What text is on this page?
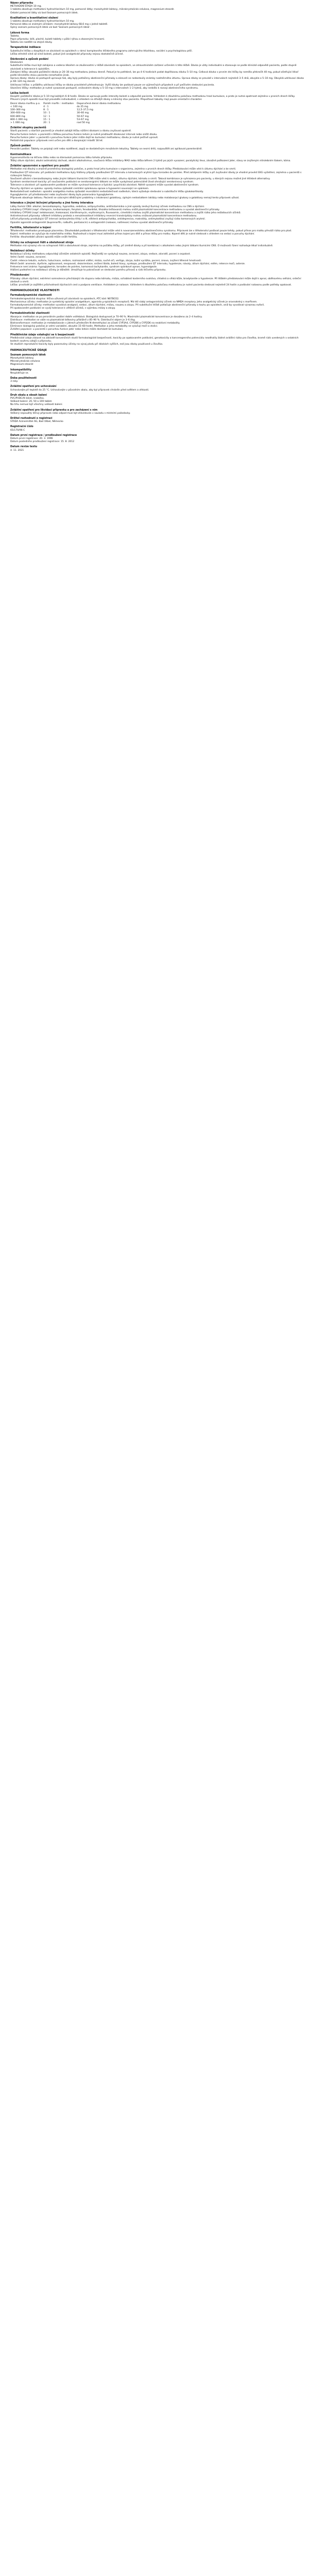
Název přípravku
METHADON ŠTADA 10 mg.
1 tableta obsahuje methadoni hydrochloridum 10 mg, pomocné látky: monohydrát laktosy, mikrokrystalická celulosa, magnesium-stearát.
Ostatní pomocné látky viz bod Seznam pomocných látek.
Kvalitativní a kvantitativní složení
1 tableta obsahuje methadoni hydrochloridum 10 mg.
Pomocná látka se známým účinkem: monohydrát laktosy 68,6 mg v jedné tabletě.
Úplný seznam pomocných látek viz bod 'Seznam pomocných látek'.
Léková forma
Tableta.
Popis přípravku: bílé, ploché, kulaté tablety s půlicí rýhou a zkosenými hranami.
Tabletu lze rozdělit na stejné dávky.
Terapeutické indikace
Substituční léčba u dospělých se závislostí na opioidech v rámci komplexního léčebného programu zahrnujícího lékařskou, sociální a psychologickou péči.
Léčba středně silné až silné bolesti, pokud jiné analgetické přípravky nejsou dostatečně účinné.
Dávkování a způsob podání
Dávkování
Substituční léčba musí být zahájena a vedena lékařem se zkušenostmi v léčbě závislosti na opioidech, ve zdravotnickém zařízení určeném k této léčbě. Dávka je vždy individuální a stanovuje se podle klinické odpovědi pacienta, podle stupně závislosti a tolerance k opioidům.
Zahájení léčby: obvyklá počáteční dávka je 20–30 mg methadonu jednou denně. Pokud je to potřebné, lze po 4–6 hodinách podat doplňkovou dávku 5–10 mg. Celková dávka v prvním dni léčby by neměla překročit 40 mg, pokud ošetřující lékař podle klinického stavu pacienta nerozhodne jinak.
Úprava dávky: dávka se postupně upravuje tak, aby byly potlačeny abstinenční příznaky a zároveň se nedostavily známky nadměrného útlumu. Úprava dávky se provádí v intervalech nejméně 3–5 dnů, obvykle o 5–10 mg. Obvyklá udržovací dávka je 60–120 mg denně.
Udržovací léčba: v průběhu udržovací léčby se dávka pravidelně přehodnocuje. Vyšší dávky lze podávat pouze ve výjimečných případech a při pečlivém sledování pacienta.
Ukončení léčby: methadon je nutné vysazovat postupně, snižováním dávky o 5–10 mg v intervalech 1–2 týdnů, aby nedošlo k rozvoji abstinenčního syndromu.
Léčba bolesti
Dospělí: počáteční dávka je 5–10 mg každých 6–8 hodin. Dávka se upravuje podle intenzity bolesti a odpovědi pacienta. Vzhledem k dlouhému poločasu methadonu hrozí kumulace, a proto je nutná opatrnost zejména v prvních dnech léčby.
Převod z jiných opioidů musí být prováděn individuálně, s ohledem na dřívější dávky a klinický stav pacienta. Přepočtové tabulky mají pouze orientační charakter.
Denní dávka morfinu p.o.	Poměr morfin : methadon	Doporučená denní dávka methadonu
< 100 mg	4 : 1	do 25 mg
100–300 mg	8 : 1	12,5–37,5 mg
300–600 mg	10 : 1	30–60 mg
600–800 mg	12 : 1	50–67 mg
800–1 000 mg	15 : 1	53–67 mg
> 1 000 mg	20 : 1	nad 50 mg
Zvláštní skupiny pacientů
Starší pacienti: u starších pacientů je vhodné zahájit léčbu nižšími dávkami a dávku zvyšovat opatrně.
Porucha funkce ledvin: u pacientů s těžkou poruchou funkce ledvin je nutné prodloužit dávkovací interval nebo snížit dávku.
Porucha funkce jater: u pacientů s poruchou funkce jater může dojít ke kumulaci methadonu; dávku je nutné pečlivě upravit.
Pediatrická populace: přípravek není určen pro děti a dospívající mladší 18 let.
Způsob podání
Perorální podání. Tablety se polykají celé nebo rozdělené, zapíjí se dostatečným množstvím tekutiny. Tablety se nesmí drtit, rozpouštět ani aplikovat parenterálně.
Kontraindikace
Hypersenzitivita na léčivou látku nebo na kteroukoli pomocnou látku tohoto přípravku.
Těžký útlum dýchání, akutní astmatický záchvat, akutní alkoholismus, současná léčba inhibitory MAO nebo léčba během 2 týdnů po jejich vysazení, paralytický ileus, závažné poškození jater, stavy se zvýšeným nitrolebním tlakem, kóma.
Zvláštní upozornění a opatření pro použití
Methadon má dlouhý a značně proměnlivý biologický poločas, a proto hrozí jeho kumulace v organismu, zejména v prvních dnech léčby. Předávkování může vést k útlumu dýchání a ke smrti.
Prodloužení QT intervalu: při podávání methadonu byly hlášeny případy prodloužení QT intervalu a komorových arytmií typu torsades de pointes. Před zahájením léčby a při zvyšování dávky je vhodné provést EKG vyšetření, zejména u pacientů s rizikovými faktory.
Současné užívání s benzodiazepiny nebo jinými látkami tlumícími CNS může vést k sedaci, útlumu dýchání, kómatu a smrti. Taková kombinace je vyhrazena pro pacienty, u kterých nejsou možné jiné léčebné alternativy.
Syndrom serotoninové toxicity: při současném podávání se serotonergními látkami se může vyskytnout potenciálně život ohrožující serotoninový syndrom.
Tolerance a závislost: při opakovaném podávání se může vyvinout tolerance a fyzická i psychická závislost. Náhlé vysazení může vyvolat abstinenční syndrom.
Poruchy dýchání ve spánku: opioidy mohou způsobit centrální spánkovou apnoe a hypoxemii související se spánkem.
Nedostatečnost nadledvin: opioidní analgetika mohou způsobit reverzibilní nedostatečnost nadledvin, která vyžaduje sledování a substituční léčbu glukokortikoidy.
Hypoglykemie: při předávkování nebo zvyšování dávky byla pozorována hypoglykemie.
Přípravek obsahuje laktosu. Pacienti se vzácnými dědičnými problémy s intolerancí galaktosy, úplným nedostatkem laktázy nebo malabsorpcí glukosy a galaktosy nemají tento přípravek užívat.
Interakce s jinými léčivými přípravky a jiné formy interakce
Látky tlumící CNS: alkohol, benzodiazepiny, hypnotika, sedativa, antipsychotika, antihistaminika a jiné opioidy zesilují tlumivý účinek methadonu na CNS a dýchání.
Induktory CYP3A4 (např. rifampicin, karbamazepin, fenytoin, fenobarbital, třezalka tečkovaná) mohou snížit plazmatické koncentrace methadonu a vyvolat abstinenční příznaky.
Inhibitory CYP3A4 (např. ketokonazol, itrakonazol, klarithromycin, erythromycin, fluvoxamin, cimetidin) mohou zvýšit plazmatické koncentrace methadonu a zvýšit riziko jeho nežádoucích účinků.
Antiretrovirové přípravky: některé inhibitory proteáz a nenukleosidové inhibitory reverzní transkriptázy mohou snižovat plazmatické koncentrace methadonu.
Léčivé přípravky prodlužující QT interval (antiarytmika třídy I a III, některá antipsychotika, antidepresiva, makrolidy, antimykotika) zvyšují riziko komorových arytmií.
Opioidní agonisté-antagonisté (buprenorfin, nalbufin, pentazocin) a antagonisté (naloxon, naltrexon) mohou vyvolat abstinenční příznaky.
Fertilita, těhotenství a kojení
Těhotenství: methadon prostupuje placentou. Dlouhodobé podávání v těhotenství může vést k novorozeneckému abstinenčnímu syndromu. Přípravek lze v těhotenství podávat pouze tehdy, pokud přínos pro matku převáží riziko pro plod.
Kojení: methadon se vylučuje do mateřského mléka. Rozhodnutí o kojení musí zohlednit přínos kojení pro dítě a přínos léčby pro matku. Kojené děti je nutné sledovat s ohledem na sedaci a poruchy dýchání.
Fertilita: dlouhodobé užívání opioidů může snížit fertilitu.
Účinky na schopnost řídit a obsluhovat stroje
Methadon má výrazný vliv na schopnost řídit a obsluhovat stroje, zejména na počátku léčby, při změně dávky a při kombinaci s alkoholem nebo jinými látkami tlumícími CNS. O možnosti řízení rozhoduje lékař individuálně.
Nežádoucí účinky
Nežádoucí účinky methadonu odpovídají účinkům ostatních opioidů. Nejčastěji se vyskytují nauzea, zvracení, zácpa, sedace, závratě, pocení a ospalost.
Velmi časté: nauzea, zvracení.
Časté: retence tekutin, euforie, halucinace, sedace, rozmazané vidění, mióza, suché oči, vertigo, zácpa, kožní vyrážka, pocení, únava, zvýšení tělesné hmotnosti.
Méně časté: anorexie, dysforie, agitovanost, nespavost, dezorientace, snížení libida, bolest hlavy, synkopa, prodloužení QT intervalu, hypotenze, návaly, útlum dýchání, edém, retence moči, astenie.
Frekvence není známa: hypoglykemie, torsades de pointes, komorová tachykardie, syndrom spánkové apnoe, hyperalgezie.
Hlášení podezření na nežádoucí účinky je důležité. Umožňuje to pokračovat ve sledování poměru přínosů a rizik léčivého přípravku.
Předávkování
Příznaky: útlum dýchání, extrémní somnolence přecházející do stuporu nebo kómatu, mióza, ochablost kosterního svalstva, chladná a vlhká kůže, bradykardie a hypotenze. Při těžkém předávkování může dojít k apnoi, oběhovému selhání, srdeční zástavě a smrti.
Léčba: prvořadé je zajištění průchodnosti dýchacích cest a podpora ventilace. Antidotem je naloxon. Vzhledem k dlouhému poločasu methadonu je nutné pacienta sledovat nejméně 24 hodin a podávání naloxonu podle potřeby opakovat.
FARMAKOLOGICKÉ VLASTNOSTI
Farmakodynamické vlastnosti
Farmakoterapeutická skupina: léčiva užívaná při závislosti na opioidech, ATC kód: N07BC02.
Mechanismus účinku: methadon je syntetický opioidní analgetikum, agonista μ-opioidních receptorů. Má též slabý antagonistický účinek na NMDA receptory. Jeho analgetický účinek je srovnatelný s morfinem.
Farmakodynamické účinky: methadon vyvolává analgezii, sedaci, útlum dýchání, miózu, nauzeu a zácpu. Při substituční léčbě potlačuje abstinenční příznaky a touhu po opioidech, aniž by vyvolával výraznou euforii.
Při opakovaném podávání se vyvíjí tolerance k většině účinků, s výjimkou miózy a zácpy.
Farmakokinetické vlastnosti
Absorpce: methadon se po perorálním podání dobře vstřebává. Biologická dostupnost je 70–90 %. Maximální plazmatické koncentrace je dosaženo za 2–4 hodiny.
Distribuce: methadon se váže na plazmatické bílkoviny přibližně z 85–90 %. Distribuční objem je 3–6 l/kg.
Biotransformace: methadon je metabolizován v játrech především N-demethylací za účasti CYP3A4, CYP2B6 a CYP2D6 na neaktivní metabolity.
Eliminace: biologický poločas je velmi variabilní, obvykle 15–60 hodin. Methadon a jeho metabolity se vylučují močí a stolicí.
Zvláštní populace: u pacientů s poruchou funkce jater nebo ledvin může docházet ke kumulaci.
Předklinické údaje vztahující se k bezpečnosti
Předklinické údaje získané na základě konvenčních studií farmakologické bezpečnosti, toxicity po opakovaném podávání, genotoxicity a kancerogenního potenciálu neodhalily žádné zvláštní riziko pro člověka, kromě rizik uvedených v ostatních bodech souhrnu údajů o přípravku.
Ve studiích reprodukční toxicity byly pozorovány účinky na vývoj plodu při dávkách vyšších, než jsou dávky používané u člověka.
FARMACEUTICKÉ ÚDAJE
Seznam pomocných látek
Monohydrát laktosy
Mikrokrystalická celulosa
Magnesium-stearát
Inkompatibility
Neuplatňuje se.
Doba použitelnosti
3 roky.
Zvláštní opatření pro uchovávání
Uchovávejte při teplotě do 25 °C. Uchovávejte v původním obalu, aby byl přípravek chráněn před světlem a vlhkostí.
Druh obalu a obsah balení
PVC/PVDC/Al blistr, krabička.
Velikost balení: 20, 50 a 100 tablet.
Na trhu nemusí být všechny velikosti balení.
Zvláštní opatření pro likvidaci přípravku a pro zacházení s ním
Veškerý nepoužitý léčivý přípravek nebo odpad musí být zlikvidován v souladu s místními požadavky.
Držitel rozhodnutí o registraci
STADA Arzneimittel AG, Bad Vilbel, Německo
Registrační číslo
65/170/96-C
Datum první registrace / prodloužení registrace
Datum první registrace: 20. 3. 1996
Datum posledního prodloužení registrace: 15. 8. 2012
Datum revize textu
4. 11. 2021
